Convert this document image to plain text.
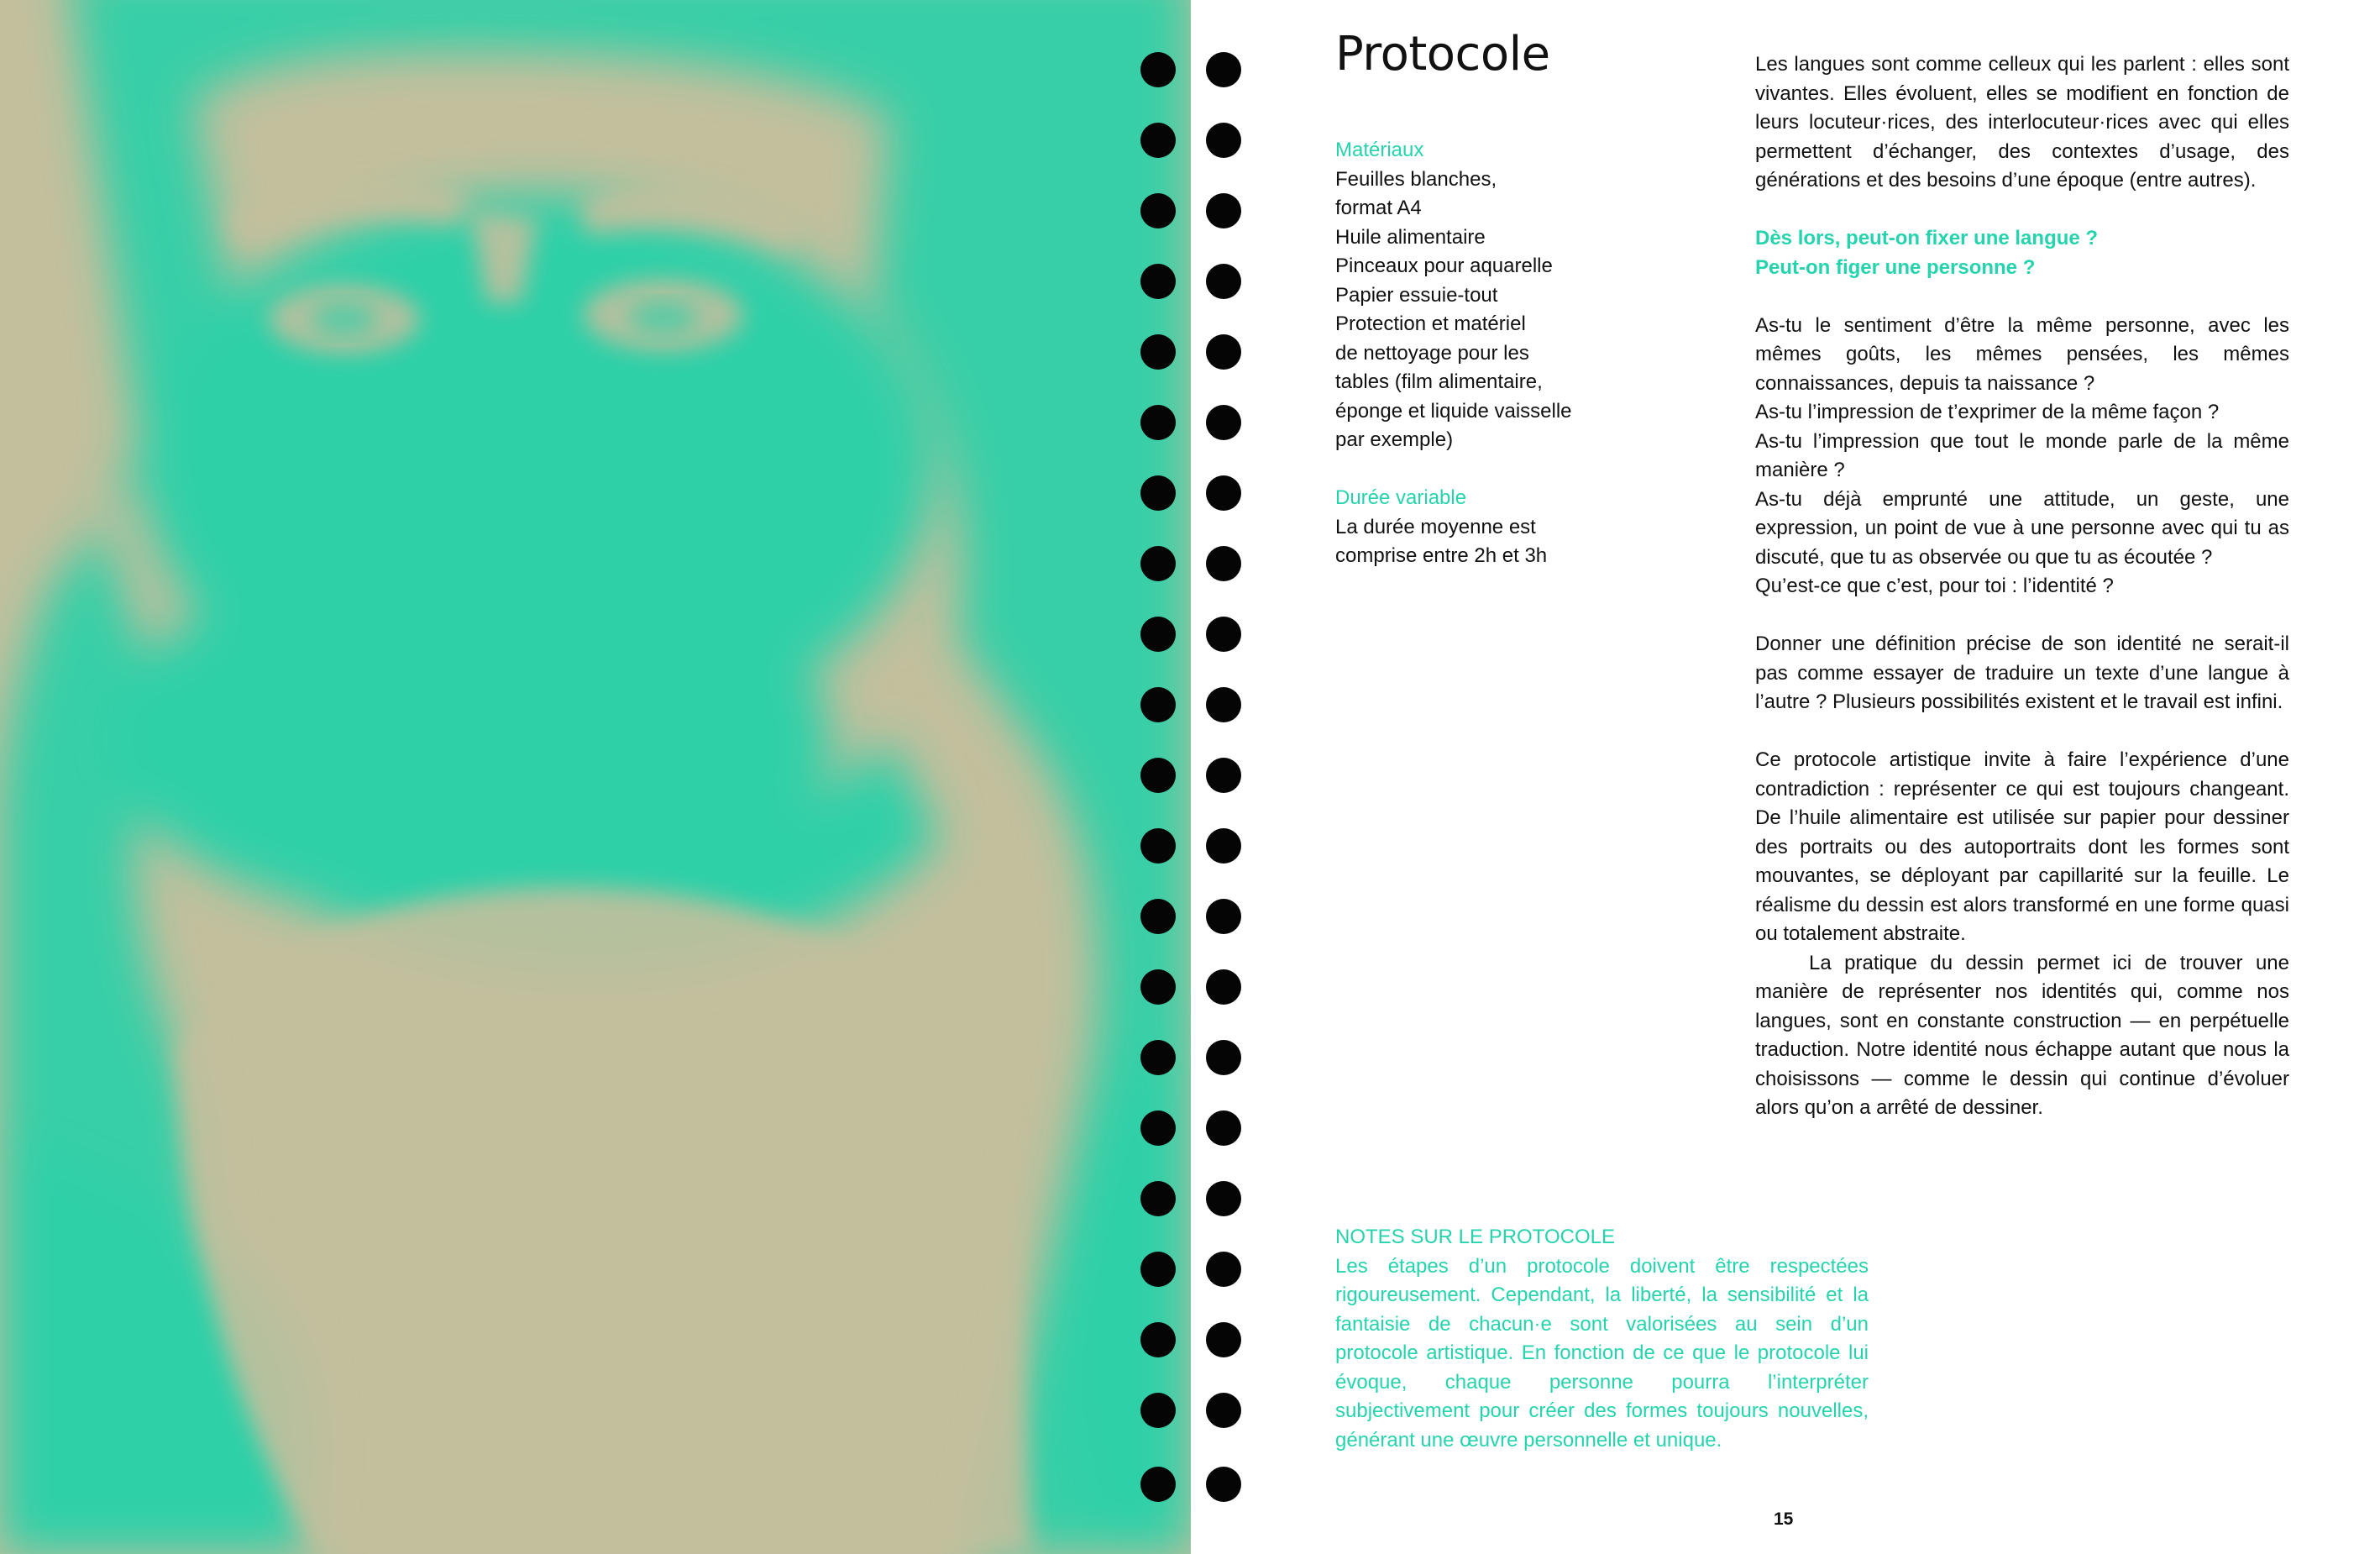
Protocole

Matériaux

Feuilles blanches,

format A4

Huile alimentaire

Pinceaux pour aquarelle

Papier essuie-tout

Protection et matériel

de nettoyage pour les

tables (film alimentaire,

éponge et liquide vaisselle

par exemple)

Durée variable

La durée moyenne est

comprise entre 2h et 3h

Les langues sont comme celleux qui les parlent : elles sont vivantes. Elles évoluent, elles se modifient en fonction de leurs locuteur·rices, des interlocuteur·rices avec qui elles permettent d’échanger, des contextes d’usage, des générations et des besoins d’une époque (entre autres).

Dès lors, peut-on fixer une langue ?

Peut-on figer une personne ?

As-tu le sentiment d’être la même personne, avec les mêmes goûts, les mêmes pensées, les mêmes connaissances, depuis ta naissance ?

As-tu l’impression de t’exprimer de la même façon ?

As-tu l’impression que tout le monde parle de la même manière ?

As-tu déjà emprunté une attitude, un geste, une expression, un point de vue à une personne avec qui tu as discuté, que tu as observée ou que tu as écoutée ?

Qu’est-ce que c’est, pour toi : l’identité ?

Donner une définition précise de son identité ne serait-il pas comme essayer de traduire un texte d’une langue à l’autre ? Plusieurs possibilités existent et le travail est infini.

Ce protocole artistique invite à faire l’expérience d’une contradiction : représenter ce qui est toujours changeant. De l’huile alimentaire est utilisée sur papier pour dessiner des portraits ou des autoportraits dont les formes sont mouvantes, se déployant par capillarité sur la feuille. Le réalisme du dessin est alors transformé en une forme quasi ou totalement abstraite.

La pratique du dessin permet ici de trouver une manière de représenter nos identités qui, comme nos langues, sont en constante construction — en perpétuelle traduction. Notre identité nous échappe autant que nous la choisissons — comme le dessin qui continue d’évoluer alors qu’on a arrêté de dessiner.

NOTES SUR LE PROTOCOLE

Les étapes d’un protocole doivent être respectées rigoureusement. Cependant, la liberté, la sensibilité et la fantaisie de chacun·e sont valorisées au sein d’un protocole artistique. En fonction de ce que le protocole lui évoque, chaque personne pourra l’interpréter subjectivement pour créer des formes toujours nouvelles, générant une œuvre personnelle et unique.

15
